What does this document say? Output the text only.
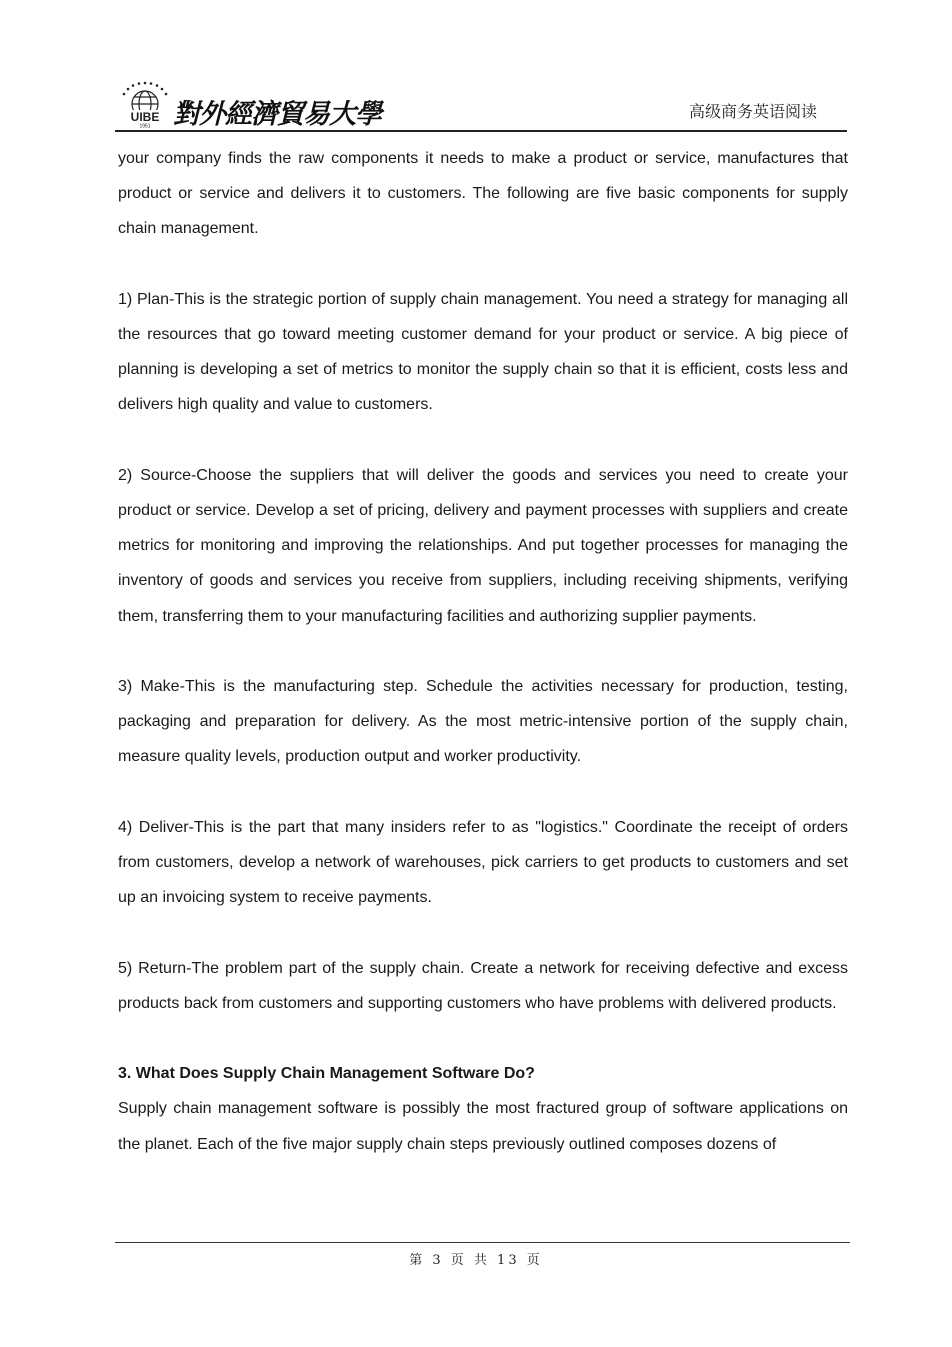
UIBE
1951 對外經濟貿易大學	高级商务英语阅读

your company finds the raw components it needs to make a product or service, manufactures that product or service and delivers it to customers. The following are five basic components for supply chain management.

1) Plan-This is the strategic portion of supply chain management. You need a strategy for managing all the resources that go toward meeting customer demand for your product or service. A big piece of planning is developing a set of metrics to monitor the supply chain so that it is efficient, costs less and delivers high quality and value to customers.

2) Source-Choose the suppliers that will deliver the goods and services you need to create your product or service. Develop a set of pricing, delivery and payment processes with suppliers and create metrics for monitoring and improving the relationships. And put together processes for managing the inventory of goods and services you receive from suppliers, including receiving shipments, verifying them, transferring them to your manufacturing facilities and authorizing supplier payments.

3) Make-This is the manufacturing step. Schedule the activities necessary for production, testing, packaging and preparation for delivery. As the most metric-intensive portion of the supply chain, measure quality levels, production output and worker productivity.

4) Deliver-This is the part that many insiders refer to as "logistics." Coordinate the receipt of orders from customers, develop a network of warehouses, pick carriers to get products to customers and set up an invoicing system to receive payments.

5) Return-The problem part of the supply chain. Create a network for receiving defective and excess products back from customers and supporting customers who have problems with delivered products.

3. What Does Supply Chain Management Software Do?

Supply chain management software is possibly the most fractured group of software applications on the planet. Each of the five major supply chain steps previously outlined composes dozens of

第 3 页 共 13 页
